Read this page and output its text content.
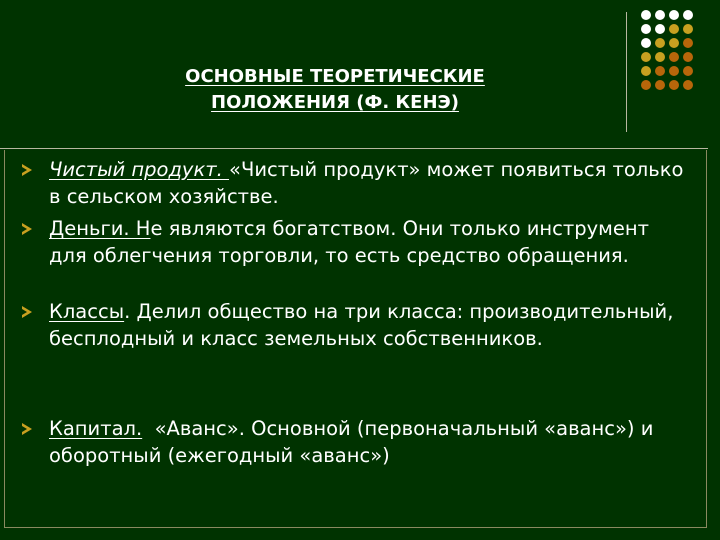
ОСНОВНЫЕ ТЕОРЕТИЧЕСКИЕ
ПОЛОЖЕНИЯ (Ф. КЕНЭ)
Чистый продукт. «Чистый продукт» может появиться только в сельском хозяйстве.
Деньги. Не являются богатством. Они только инструмент для облегчения торговли, то есть средство обращения.
Классы. Делил общество на три класса: производительный, бесплодный и класс земельных собственников.
Капитал.  «Аванс». Основной (первоначальный «аванс») и оборотный (ежегодный «аванс»)
